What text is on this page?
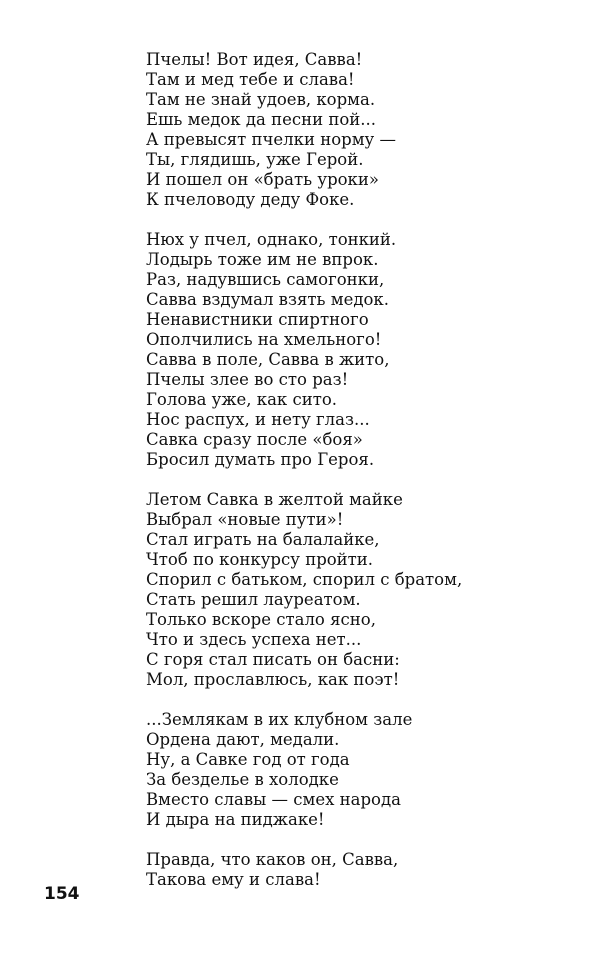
Пчелы! Вот идея, Савва!
Там и мед тебе и слава!
Там не знай удоев, корма.
Ешь медок да песни пой...
А превысят пчелки норму —
Ты, глядишь, уже Герой.
И пошел он «брать уроки»
К пчеловоду деду Фоке.
Нюх у пчел, однако, тонкий.
Лодырь тоже им не впрок.
Раз, надувшись самогонки,
Савва вздумал взять медок.
Ненавистники спиртного
Ополчились на хмельного!
Савва в поле, Савва в жито,
Пчелы злее во сто раз!
Голова уже, как сито.
Нос распух, и нету глаз...
Савка сразу после «боя»
Бросил думать про Героя.
Летом Савка в желтой майке
Выбрал «новые пути»!
Стал играть на балалайке,
Чтоб по конкурсу пройти.
Спорил с батьком, спорил с братом,
Стать решил лауреатом.
Только вскоре стало ясно,
Что и здесь успеха нет...
С горя стал писать он басни:
Мол, прославлюсь, как поэт!
...Землякам в их клубном зале
Ордена дают, медали.
Ну, а Савке год от года
За безделье в холодке
Вместо славы — смех народа
И дыра на пиджаке!
Правда, что каков он, Савва,
Такова ему и слава!
154
